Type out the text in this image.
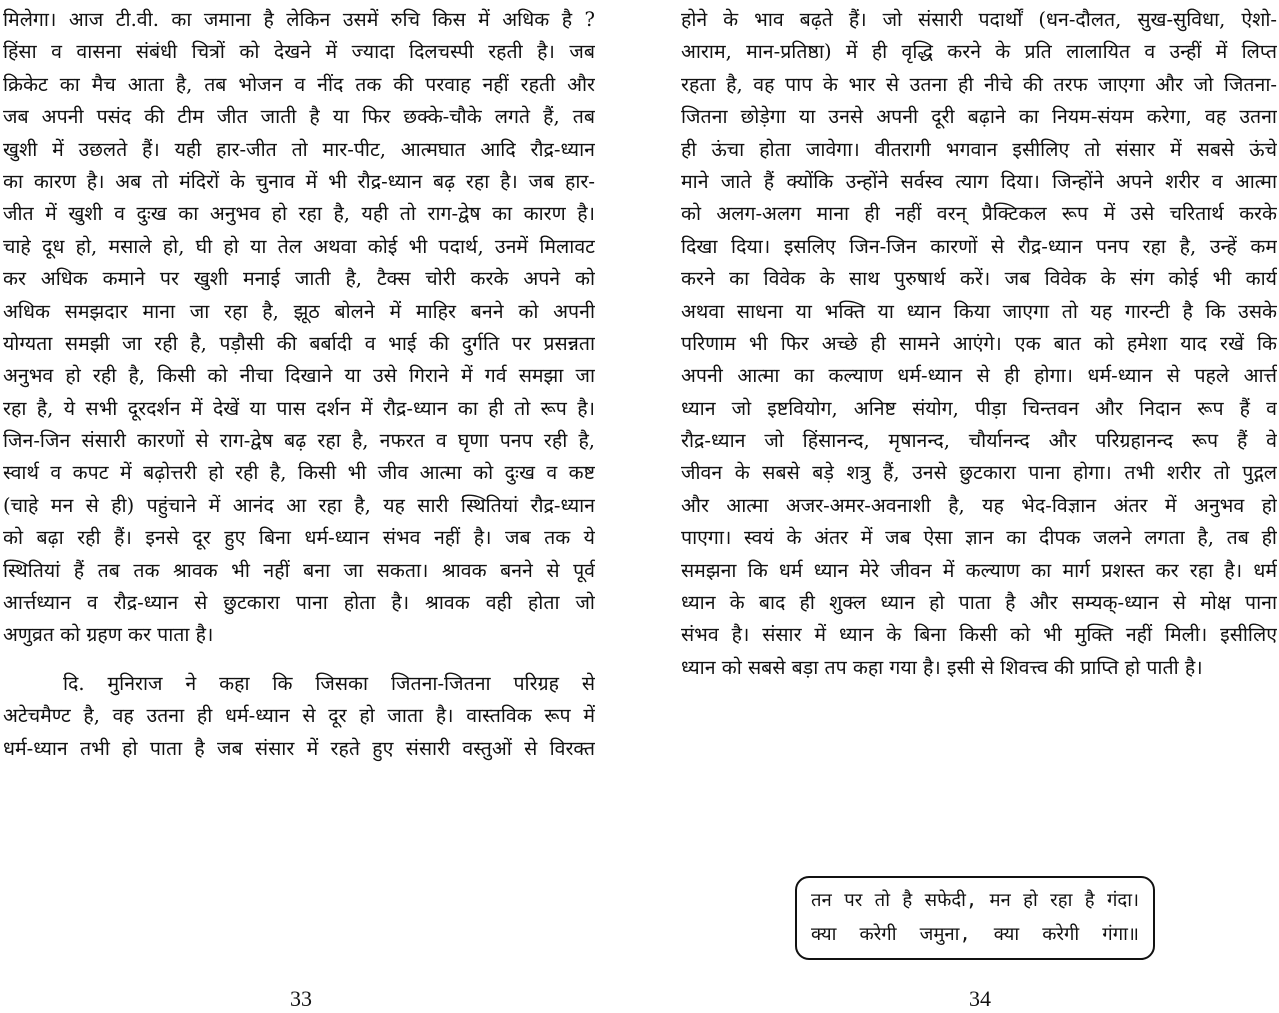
मिलेगा। आज टी.वी. का जमाना है लेकिन उसमें रुचि किस में अधिक है ?
हिंसा व वासना संबंधी चित्रों को देखने में ज्यादा दिलचस्पी रहती है। जब
क्रिकेट का मैच आता है, तब भोजन व नींद तक की परवाह नहीं रहती और
जब अपनी पसंद की टीम जीत जाती है या फिर छक्के-चौके लगते हैं, तब
खुशी में उछलते हैं। यही हार-जीत तो मार-पीट, आत्मघात आदि रौद्र-ध्यान
का कारण है। अब तो मंदिरों के चुनाव में भी रौद्र-ध्यान बढ़ रहा है। जब हार-
जीत में खुशी व दुःख का अनुभव हो रहा है, यही तो राग-द्वेष का कारण है।
चाहे दूध हो, मसाले हो, घी हो या तेल अथवा कोई भी पदार्थ, उनमें मिलावट
कर अधिक कमाने पर खुशी मनाई जाती है, टैक्स चोरी करके अपने को
अधिक समझदार माना जा रहा है, झूठ बोलने में माहिर बनने को अपनी
योग्यता समझी जा रही है, पड़ौसी की बर्बादी व भाई की दुर्गति पर प्रसन्नता
अनुभव हो रही है, किसी को नीचा दिखाने या उसे गिराने में गर्व समझा जा
रहा है, ये सभी दूरदर्शन में देखें या पास दर्शन में रौद्र-ध्यान का ही तो रूप है।
जिन-जिन संसारी कारणों से राग-द्वेष बढ़ रहा है, नफरत व घृणा पनप रही है,
स्वार्थ व कपट में बढ़ोत्तरी हो रही है, किसी भी जीव आत्मा को दुःख व कष्ट
(चाहे मन से ही) पहुंचाने में आनंद आ रहा है, यह सारी स्थितियां रौद्र-ध्यान
को बढ़ा रही हैं। इनसे दूर हुए बिना धर्म-ध्यान संभव नहीं है। जब तक ये
स्थितियां हैं तब तक श्रावक भी नहीं बना जा सकता। श्रावक बनने से पूर्व
आर्त्तध्यान व रौद्र-ध्यान से छुटकारा पाना होता है। श्रावक वही होता जो
अणुव्रत को ग्रहण कर पाता है।
दि. मुनिराज ने कहा कि जिसका जितना-जितना परिग्रह से
अटेचमैण्ट है, वह उतना ही धर्म-ध्यान से दूर हो जाता है। वास्तविक रूप में
धर्म-ध्यान तभी हो पाता है जब संसार में रहते हुए संसारी वस्तुओं से विरक्त
33
होने के भाव बढ़ते हैं। जो संसारी पदार्थों (धन-दौलत, सुख-सुविधा, ऐशो-
आराम, मान-प्रतिष्ठा) में ही वृद्धि करने के प्रति लालायित व उन्हीं में लिप्त
रहता है, वह पाप के भार से उतना ही नीचे की तरफ जाएगा और जो जितना-
जितना छोड़ेगा या उनसे अपनी दूरी बढ़ाने का नियम-संयम करेगा, वह उतना
ही ऊंचा होता जावेगा। वीतरागी भगवान इसीलिए तो संसार में सबसे ऊंचे
माने जाते हैं क्योंकि उन्होंने सर्वस्व त्याग दिया। जिन्होंने अपने शरीर व आत्मा
को अलग-अलग माना ही नहीं वरन् प्रैक्टिकल रूप में उसे चरितार्थ करके
दिखा दिया। इसलिए जिन-जिन कारणों से रौद्र-ध्यान पनप रहा है, उन्हें कम
करने का विवेक के साथ पुरुषार्थ करें। जब विवेक के संग कोई भी कार्य
अथवा साधना या भक्ति या ध्यान किया जाएगा तो यह गारन्टी है कि उसके
परिणाम भी फिर अच्छे ही सामने आएंगे। एक बात को हमेशा याद रखें कि
अपनी आत्मा का कल्याण धर्म-ध्यान से ही होगा। धर्म-ध्यान से पहले आर्त्त
ध्यान जो इष्टवियोग, अनिष्ट संयोग, पीड़ा चिन्तवन और निदान रूप हैं व
रौद्र-ध्यान जो हिंसानन्द, मृषानन्द, चौर्यानन्द और परिग्रहानन्द रूप हैं वे
जीवन के सबसे बड़े शत्रु हैं, उनसे छुटकारा पाना होगा। तभी शरीर तो पुद्गल
और आत्मा अजर-अमर-अवनाशी है, यह भेद-विज्ञान अंतर में अनुभव हो
पाएगा। स्वयं के अंतर में जब ऐसा ज्ञान का दीपक जलने लगता है, तब ही
समझना कि धर्म ध्यान मेरे जीवन में कल्याण का मार्ग प्रशस्त कर रहा है। धर्म
ध्यान के बाद ही शुक्ल ध्यान हो पाता है और सम्यक्-ध्यान से मोक्ष पाना
संभव है। संसार में ध्यान के बिना किसी को भी मुक्ति नहीं मिली। इसीलिए
ध्यान को सबसे बड़ा तप कहा गया है। इसी से शिवत्त्व की प्राप्ति हो पाती है।
तन पर तो है सफेदी, मन हो रहा है गंदा।
क्या करेगी जमुना, क्या करेगी गंगा॥
34
